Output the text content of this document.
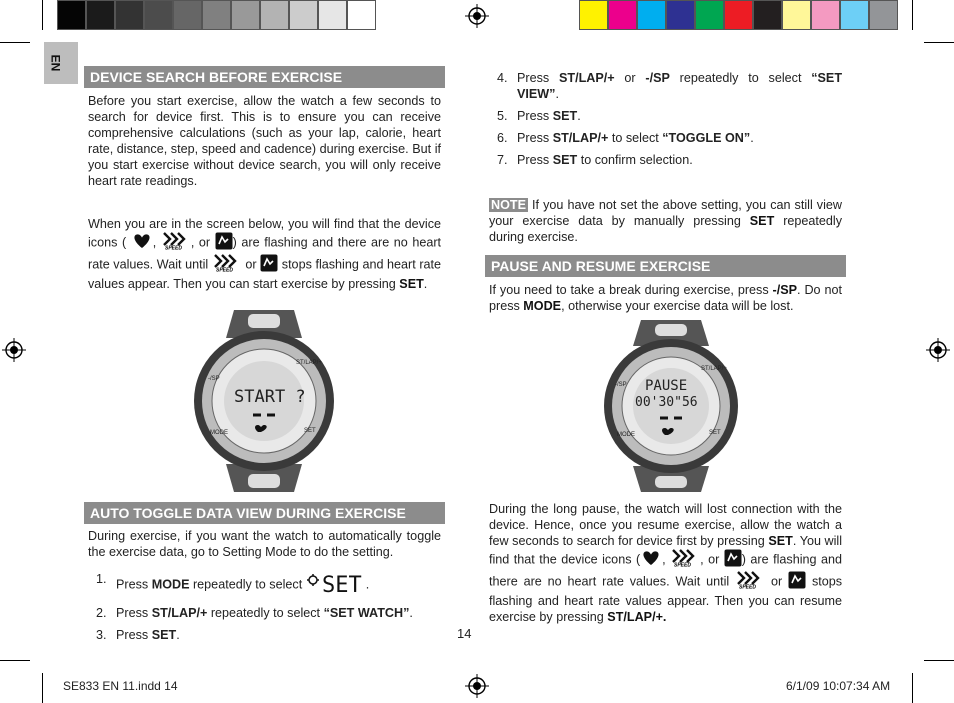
EN
DEVICE SEARCH BEFORE EXERCISE
Before you start exercise, allow the watch a few seconds to search for device first. This is to ensure you can receive comprehensive calculations (such as your lap, calorie, heart rate, distance, step, speed and cadence) during exercise. But if you start exercise without device search, you will only receive heart rate readings.
When you are in the screen below, you will find that the device icons ( , SPEED , or ) are flashing and there are no heart rate values. Wait until SPEED or stops flashing and heart rate values appear. Then you can start exercise by pressing SET.
START ?
-/SP
ST/LAP/+
MODE	SET
AUTO TOGGLE DATA VIEW DURING EXERCISE
During exercise, if you want the watch to automatically toggle the exercise data, go to Setting Mode to do the setting.
1. Press MODE repeatedly to select SET .
2. Press ST/LAP/+ repeatedly to select “SET WATCH”.
3. Press SET.
4. Press ST/LAP/+ or -/SP repeatedly to select “SET VIEW”.
5. Press SET.
6. Press ST/LAP/+ to select “TOGGLE ON”.
7. Press SET to confirm selection.
NOTE If you have not set the above setting, you can still view your exercise data by manually pressing SET repeatedly during exercise.
PAUSE AND RESUME EXERCISE
If you need to take a break during exercise, press -/SP. Do not press MODE, otherwise your exercise data will be lost.
PAUSE
00'30"56
-/SP
ST/LAP/+
MODE	SET
During the long pause, the watch will lost connection with the device. Hence, once you resume exercise, allow the watch a few seconds to search for device first by pressing SET. You will find that the device icons ( , SPEED , or ) are flashing and there are no heart rate values. Wait until SPEED or stops flashing and heart rate values appear. Then you can resume exercise by pressing ST/LAP/+.
14
SE833 EN 11.indd 14	6/1/09 10:07:34 AM
